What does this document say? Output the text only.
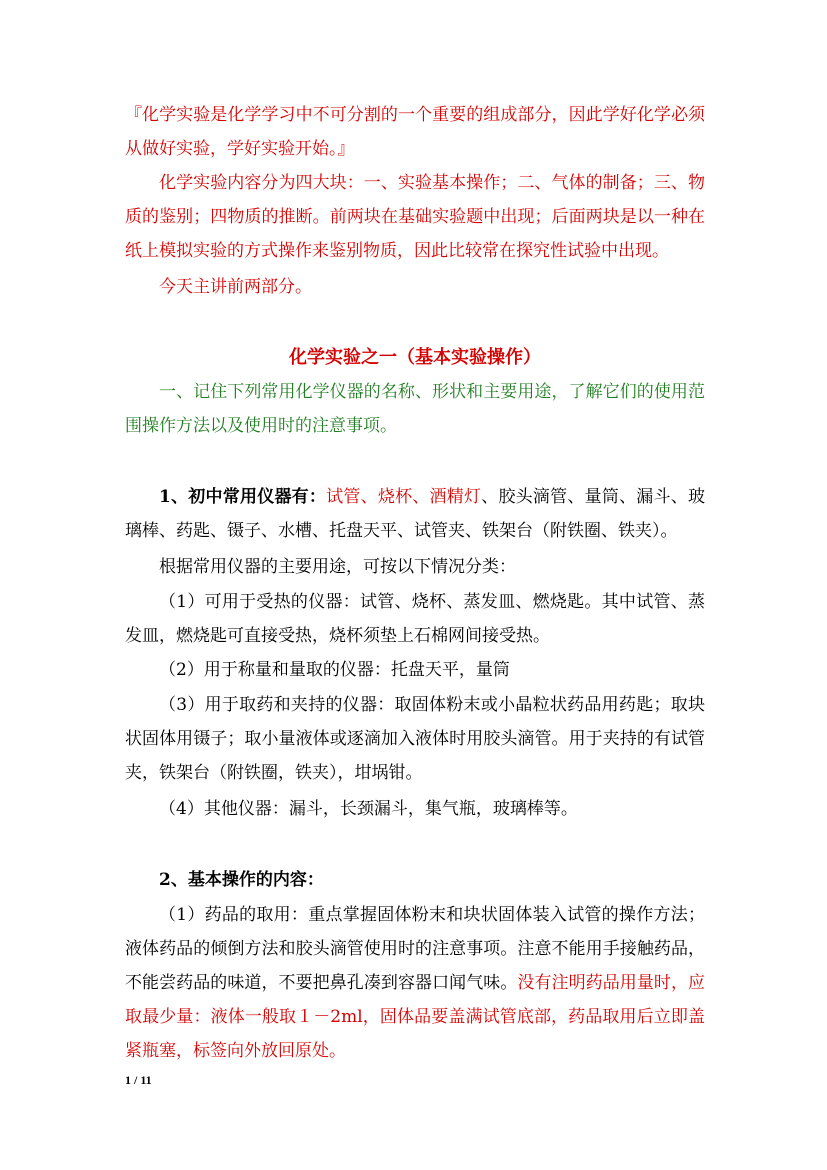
『化学实验是化学学习中不可分割的一个重要的组成部分，因此学好化学必须从做好实验，学好实验开始。』

化学实验内容分为四大块：一、实验基本操作；二、气体的制备；三、物质的鉴别；四物质的推断。前两块在基础实验题中出现；后面两块是以一种在纸上模拟实验的方式操作来鉴别物质，因此比较常在探究性试验中出现。

今天主讲前两部分。

化学实验之一（基本实验操作）

一、记住下列常用化学仪器的名称、形状和主要用途，了解它们的使用范围操作方法以及使用时的注意事项。

1、初中常用仪器有：试管、烧杯、酒精灯、胶头滴管、量筒、漏斗、玻璃棒、药匙、镊子、水槽、托盘天平、试管夹、铁架台（附铁圈、铁夹）。

根据常用仪器的主要用途，可按以下情况分类：

（1）可用于受热的仪器：试管、烧杯、蒸发皿、燃烧匙。其中试管、蒸发皿，燃烧匙可直接受热，烧杯须垫上石棉网间接受热。

（2）用于称量和量取的仪器：托盘天平，量筒

（3）用于取药和夹持的仪器：取固体粉末或小晶粒状药品用药匙；取块状固体用镊子；取小量液体或逐滴加入液体时用胶头滴管。用于夹持的有试管夹，铁架台（附铁圈，铁夹），坩埚钳。

（4）其他仪器：漏斗，长颈漏斗，集气瓶，玻璃棒等。

2、基本操作的内容：

（1）药品的取用：重点掌握固体粉末和块状固体装入试管的操作方法；液体药品的倾倒方法和胶头滴管使用时的注意事项。注意不能用手接触药品，不能尝药品的味道，不要把鼻孔凑到容器口闻气味。没有注明药品用量时，应取最少量：液体一般取１－2ml，固体品要盖满试管底部，药品取用后立即盖紧瓶塞，标签向外放回原处。

1 / 11
